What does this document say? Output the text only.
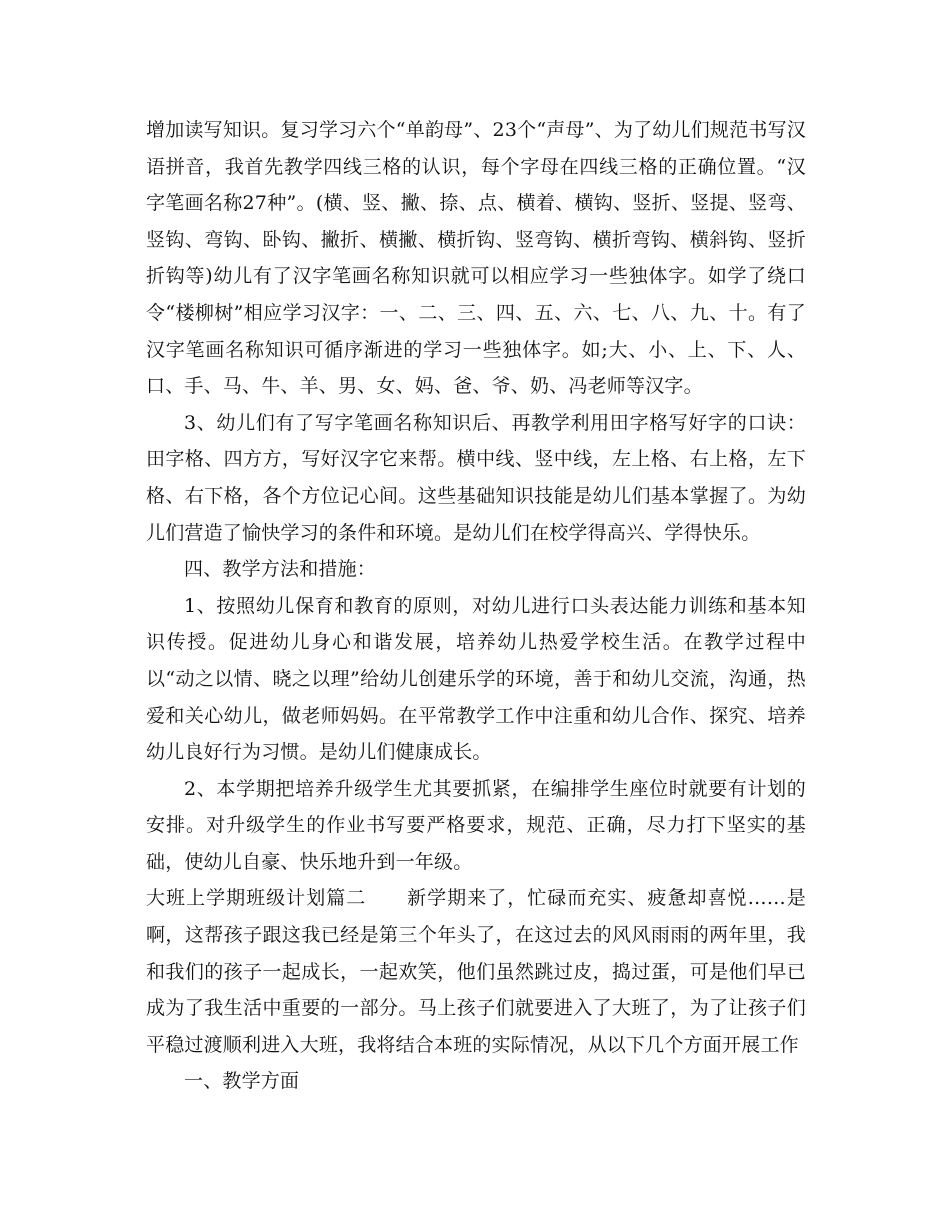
增加读写知识。复习学习六个“单韵母”、23个“声母”、为了幼儿们规范书写汉语拼音，我首先教学四线三格的认识，每个字母在四线三格的正确位置。“汉字笔画名称27种”。(横、竖、撇、捺、点、横着、横钩、竖折、竖提、竖弯、竖钩、弯钩、卧钩、撇折、横撇、横折钩、竖弯钩、横折弯钩、横斜钩、竖折折钩等)幼儿有了汉字笔画名称知识就可以相应学习一些独体字。如学了绕口令“楼柳树”相应学习汉字：一、二、三、四、五、六、七、八、九、十。有了汉字笔画名称知识可循序渐进的学习一些独体字。如;大、小、上、下、人、口、手、马、牛、羊、男、女、妈、爸、爷、奶、冯老师等汉字。

3、幼儿们有了写字笔画名称知识后、再教学利用田字格写好字的口诀：田字格、四方方，写好汉字它来帮。横中线、竖中线，左上格、右上格，左下格、右下格，各个方位记心间。这些基础知识技能是幼儿们基本掌握了。为幼儿们营造了愉快学习的条件和环境。是幼儿们在校学得高兴、学得快乐。

四、教学方法和措施：

1、按照幼儿保育和教育的原则，对幼儿进行口头表达能力训练和基本知识传授。促进幼儿身心和谐发展，培养幼儿热爱学校生活。在教学过程中以“动之以情、晓之以理”给幼儿创建乐学的环境，善于和幼儿交流，沟通，热爱和关心幼儿，做老师妈妈。在平常教学工作中注重和幼儿合作、探究、培养幼儿良好行为习惯。是幼儿们健康成长。

2、本学期把培养升级学生尤其要抓紧，在编排学生座位时就要有计划的安排。对升级学生的作业书写要严格要求，规范、正确，尽力打下坚实的基础，使幼儿自豪、快乐地升到一年级。

大班上学期班级计划篇二 新学期来了，忙碌而充实、疲惫却喜悦……是啊，这帮孩子跟这我已经是第三个年头了，在这过去的风风雨雨的两年里，我和我们的孩子一起成长，一起欢笑，他们虽然跳过皮，捣过蛋，可是他们早已成为了我生活中重要的一部分。马上孩子们就要进入了大班了，为了让孩子们平稳过渡顺利进入大班，我将结合本班的实际情况，从以下几个方面开展工作

一、教学方面
